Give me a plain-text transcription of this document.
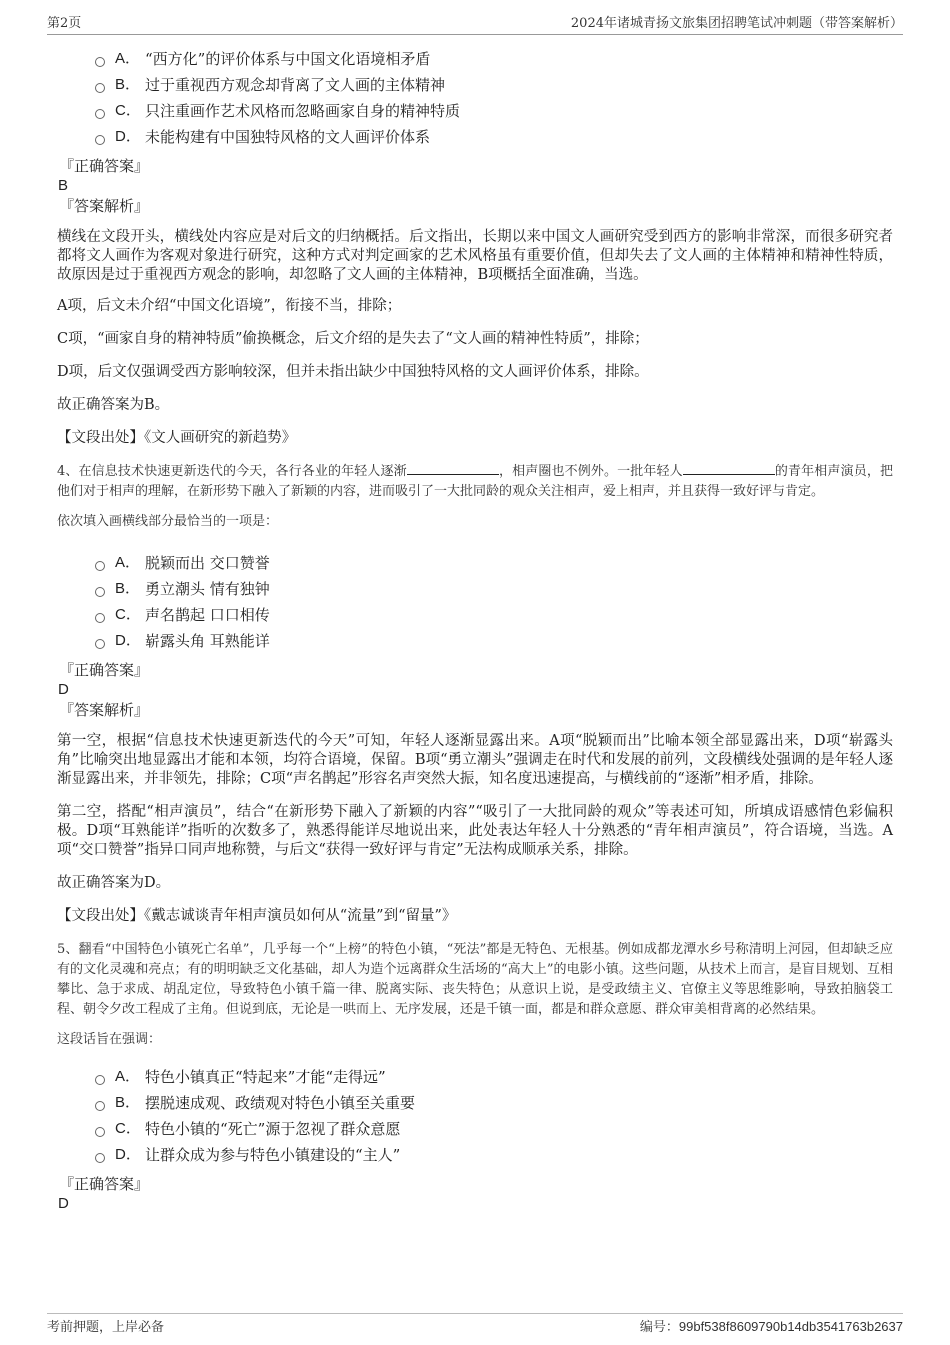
第2页	2024年诸城青扬文旅集团招聘笔试冲刺题（带答案解析）
A． “西方化”的评价体系与中国文化语境相矛盾
B． 过于重视西方观念却背离了文人画的主体精神
C． 只注重画作艺术风格而忽略画家自身的精神特质
D． 未能构建有中国独特风格的文人画评价体系
『正确答案』
B
『答案解析』

横线在文段开头，横线处内容应是对后文的归纳概括。后文指出，长期以来中国文人画研究受到西方的影响非常深，而很多研究者都将文人画作为客观对象进行研究，这种方式对判定画家的艺术风格虽有重要价值，但却失去了文人画的主体精神和精神性特质，故原因是过于重视西方观念的影响，却忽略了文人画的主体精神，B项概括全面准确，当选。

A项，后文未介绍“中国文化语境”，衔接不当，排除；

C项，“画家自身的精神特质”偷换概念，后文介绍的是失去了“文人画的精神性特质”，排除；

D项，后文仅强调受西方影响较深，但并未指出缺少中国独特风格的文人画评价体系，排除。

故正确答案为B。

【文段出处】《文人画研究的新趋势》

4、在信息技术快速更新迭代的今天，各行各业的年轻人逐渐	，相声圈也不例外。一批年轻人	的青年相声演员，把他们对于相声的理解，在新形势下融入了新颖的内容，进而吸引了一大批同龄的观众关注相声，爱上相声，并且获得一致好评与肯定。

依次填入画横线部分最恰当的一项是：

A． 脱颖而出 交口赞誉
B． 勇立潮头 情有独钟
C． 声名鹊起 口口相传
D． 崭露头角 耳熟能详
『正确答案』
D
『答案解析』

第一空，根据“信息技术快速更新迭代的今天”可知，年轻人逐渐显露出来。A项“脱颖而出”比喻本领全部显露出来，D项“崭露头角”比喻突出地显露出才能和本领，均符合语境，保留。B项“勇立潮头”强调走在时代和发展的前列，文段横线处强调的是年轻人逐渐显露出来，并非领先，排除；C项“声名鹊起”形容名声突然大振，知名度迅速提高，与横线前的“逐渐”相矛盾，排除。

第二空，搭配“相声演员”，结合“在新形势下融入了新颖的内容”“吸引了一大批同龄的观众”等表述可知，所填成语感情色彩偏积极。D项“耳熟能详”指听的次数多了，熟悉得能详尽地说出来，此处表达年轻人十分熟悉的“青年相声演员”，符合语境，当选。A项“交口赞誉”指异口同声地称赞，与后文“获得一致好评与肯定”无法构成顺承关系，排除。

故正确答案为D。

【文段出处】《戴志诚谈青年相声演员如何从“流量”到“留量”》

5、翻看“中国特色小镇死亡名单”，几乎每一个“上榜”的特色小镇，“死法”都是无特色、无根基。例如成都龙潭水乡号称清明上河园，但却缺乏应有的文化灵魂和亮点；有的明明缺乏文化基础，却人为造个远离群众生活场的“高大上”的电影小镇。这些问题，从技术上而言，是盲目规划、互相攀比、急于求成、胡乱定位，导致特色小镇千篇一律、脱离实际、丧失特色；从意识上说，是受政绩主义、官僚主义等思维影响，导致拍脑袋工程、朝令夕改工程成了主角。但说到底，无论是一哄而上、无序发展，还是千镇一面，都是和群众意愿、群众审美相背离的必然结果。

这段话旨在强调：

A． 特色小镇真正“特起来”才能“走得远”
B． 摆脱速成观、政绩观对特色小镇至关重要
C． 特色小镇的“死亡”源于忽视了群众意愿
D． 让群众成为参与特色小镇建设的“主人”
『正确答案』
D
考前押题，上岸必备	编号：99bf538f8609790b14db3541763b2637
